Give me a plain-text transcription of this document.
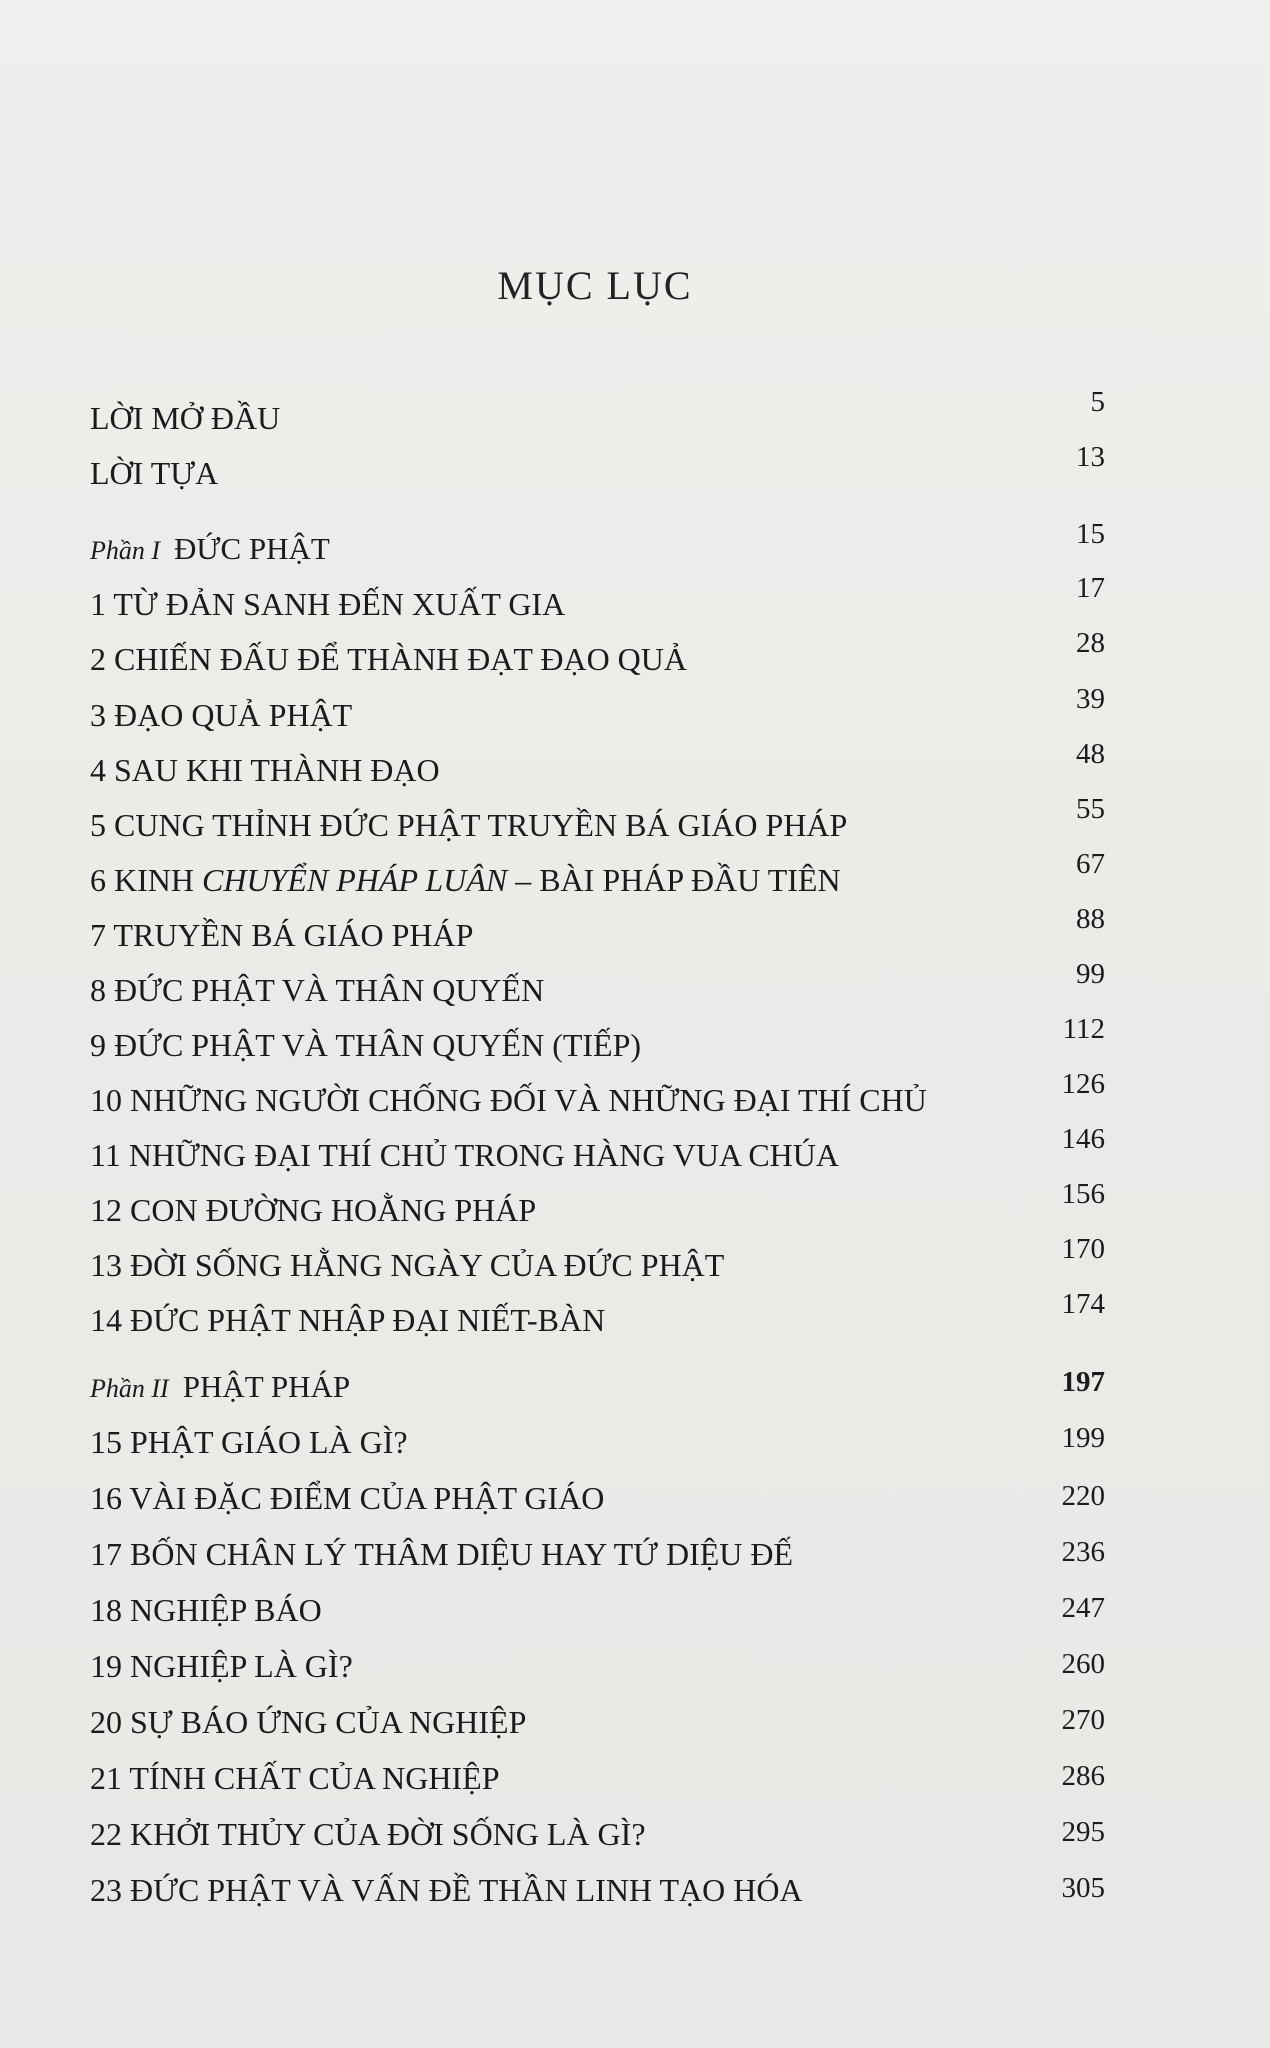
MỤC LỤC
LỜI MỞ ĐẦU	5
LỜI TỰA	13
Phần I ĐỨC PHẬT	15
1 TỪ ĐẢN SANH ĐẾN XUẤT GIA	17
2 CHIẾN ĐẤU ĐỂ THÀNH ĐẠT ĐẠO QUẢ	28
3 ĐẠO QUẢ PHẬT	39
4 SAU KHI THÀNH ĐẠO	48
5 CUNG THỈNH ĐỨC PHẬT TRUYỀN BÁ GIÁO PHÁP	55
6 KINH CHUYỂN PHÁP LUÂN – BÀI PHÁP ĐẦU TIÊN	67
7 TRUYỀN BÁ GIÁO PHÁP	88
8 ĐỨC PHẬT VÀ THÂN QUYẾN	99
9 ĐỨC PHẬT VÀ THÂN QUYẾN (TIẾP)	112
10 NHỮNG NGƯỜI CHỐNG ĐỐI VÀ NHỮNG ĐẠI THÍ CHỦ	126
11 NHỮNG ĐẠI THÍ CHỦ TRONG HÀNG VUA CHÚA	146
12 CON ĐƯỜNG HOẰNG PHÁP	156
13 ĐỜI SỐNG HẰNG NGÀY CỦA ĐỨC PHẬT	170
14 ĐỨC PHẬT NHẬP ĐẠI NIẾT-BÀN	174
Phần II PHẬT PHÁP	197
15 PHẬT GIÁO LÀ GÌ?	199
16 VÀI ĐẶC ĐIỂM CỦA PHẬT GIÁO	220
17 BỐN CHÂN LÝ THÂM DIỆU HAY TỨ DIỆU ĐẾ	236
18 NGHIỆP BÁO	247
19 NGHIỆP LÀ GÌ?	260
20 SỰ BÁO ỨNG CỦA NGHIỆP	270
21 TÍNH CHẤT CỦA NGHIỆP	286
22 KHỞI THỦY CỦA ĐỜI SỐNG LÀ GÌ?	295
23 ĐỨC PHẬT VÀ VẤN ĐỀ THẦN LINH TẠO HÓA	305
